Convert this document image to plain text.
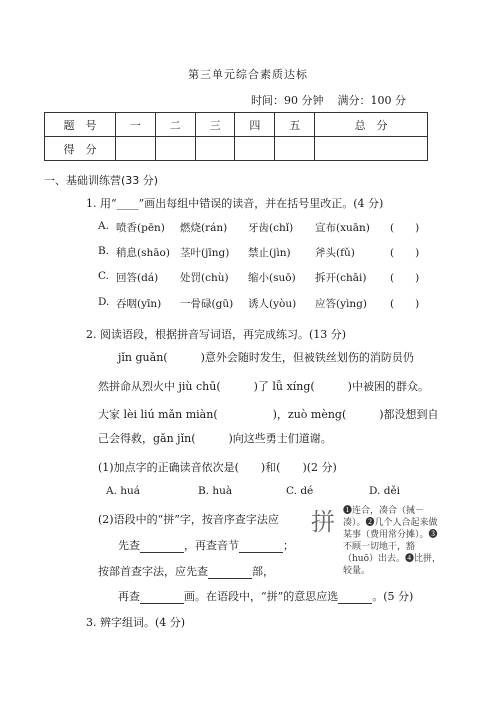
第三单元综合素质达标
时间：90 分钟 满分：100 分
题　号	一	二	三	四	五	总　分
得　分						
一、基础训练营(33 分)
1. 用“____”画出每组中错误的读音，并在括号里改正。(4 分)
A. 喷香(pēn) 燃烧(rán) 牙齿(chǐ) 宣布(xuān) (　　)
B. 稍息(shāo) 茎叶(jīng) 禁止(jìn) 斧头(fǔ)	(　　)
C. 回答(dá) 处罚(chù) 缩小(suō) 拆开(chāi) (　　)
D. 吞咽(yīn) 一骨碌(gū) 诱人(yòu) 应答(yìng) (　　)
2. 阅读语段，根据拼音写词语，再完成练习。(13 分)
jǐn guǎn(　　　)意外会随时发生，但被铁丝划伤的消防员仍
然拼命从烈火中 jiù chū(　　　)了 lǚ xíng(　　　)中被困的群众。
大家 lèi liú mǎn miàn(　　　　　)，zuò mèng(　　　)都没想到自
己会得救，gǎn jǐn(　　　)向这些勇士们道谢。
(1)加点字的正确读音依次是(　　)和(　　)(2 分)
A. huá	B. huà	C. dé	D. děi
(2)语段中的“拼”字，按音序查字法应
先查	，再查音节	；
按部首查字法，应先查	部，
再查	画。在语段中，“拼”的意思应选	。(5 分)
拼 ❶连合，凑合（𢬿－凑）。❷几个人合起来做某事（费用常分摊）。❸不顾一切地干，豁（huō）出去。❹比拼，较量。
3. 辨字组词。(4 分)
